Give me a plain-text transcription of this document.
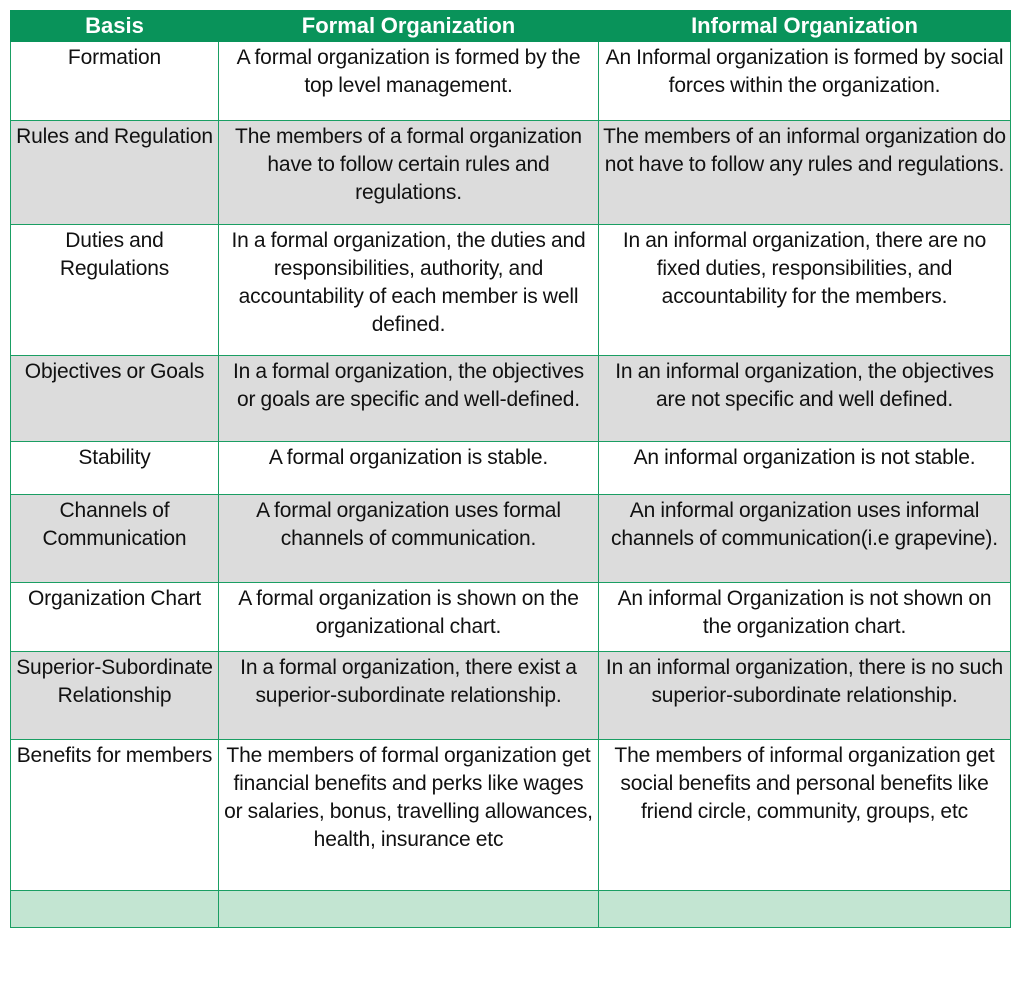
Basis	Formal Organization	Informal Organization
Formation	A formal organization is formed by the top level management.	An Informal organization is formed by social forces within the organization.
Rules and Regulation	The members of a formal organization have to follow certain rules and regulations.	The members of an informal organization do not have to follow any rules and regulations.
Duties and Regulations	In a formal organization, the duties and responsibilities, authority, and accountability of each member is well defined.	In an informal organization, there are no fixed duties, responsibilities, and accountability for the members.
Objectives or Goals	In a formal organization, the objectives or goals are specific and well-defined.	In an informal organization, the objectives are not specific and well defined.
Stability	A formal organization is stable.	An informal organization is not stable.
Channels of Communication	A formal organization uses formal channels of communication.	An informal organization uses informal channels of communication(i.e grapevine).
Organization Chart	A formal organization is shown on the organizational chart.	An informal Organization is not shown on the organization chart.
Superior-Subordinate Relationship	In a formal organization, there exist a superior-subordinate relationship.	In an informal organization, there is no such superior-subordinate relationship.
Benefits for members	The members of formal organization get financial benefits and perks like wages or salaries, bonus, travelling allowances, health, insurance etc	The members of informal organization get social benefits and personal benefits like friend circle, community, groups, etc
